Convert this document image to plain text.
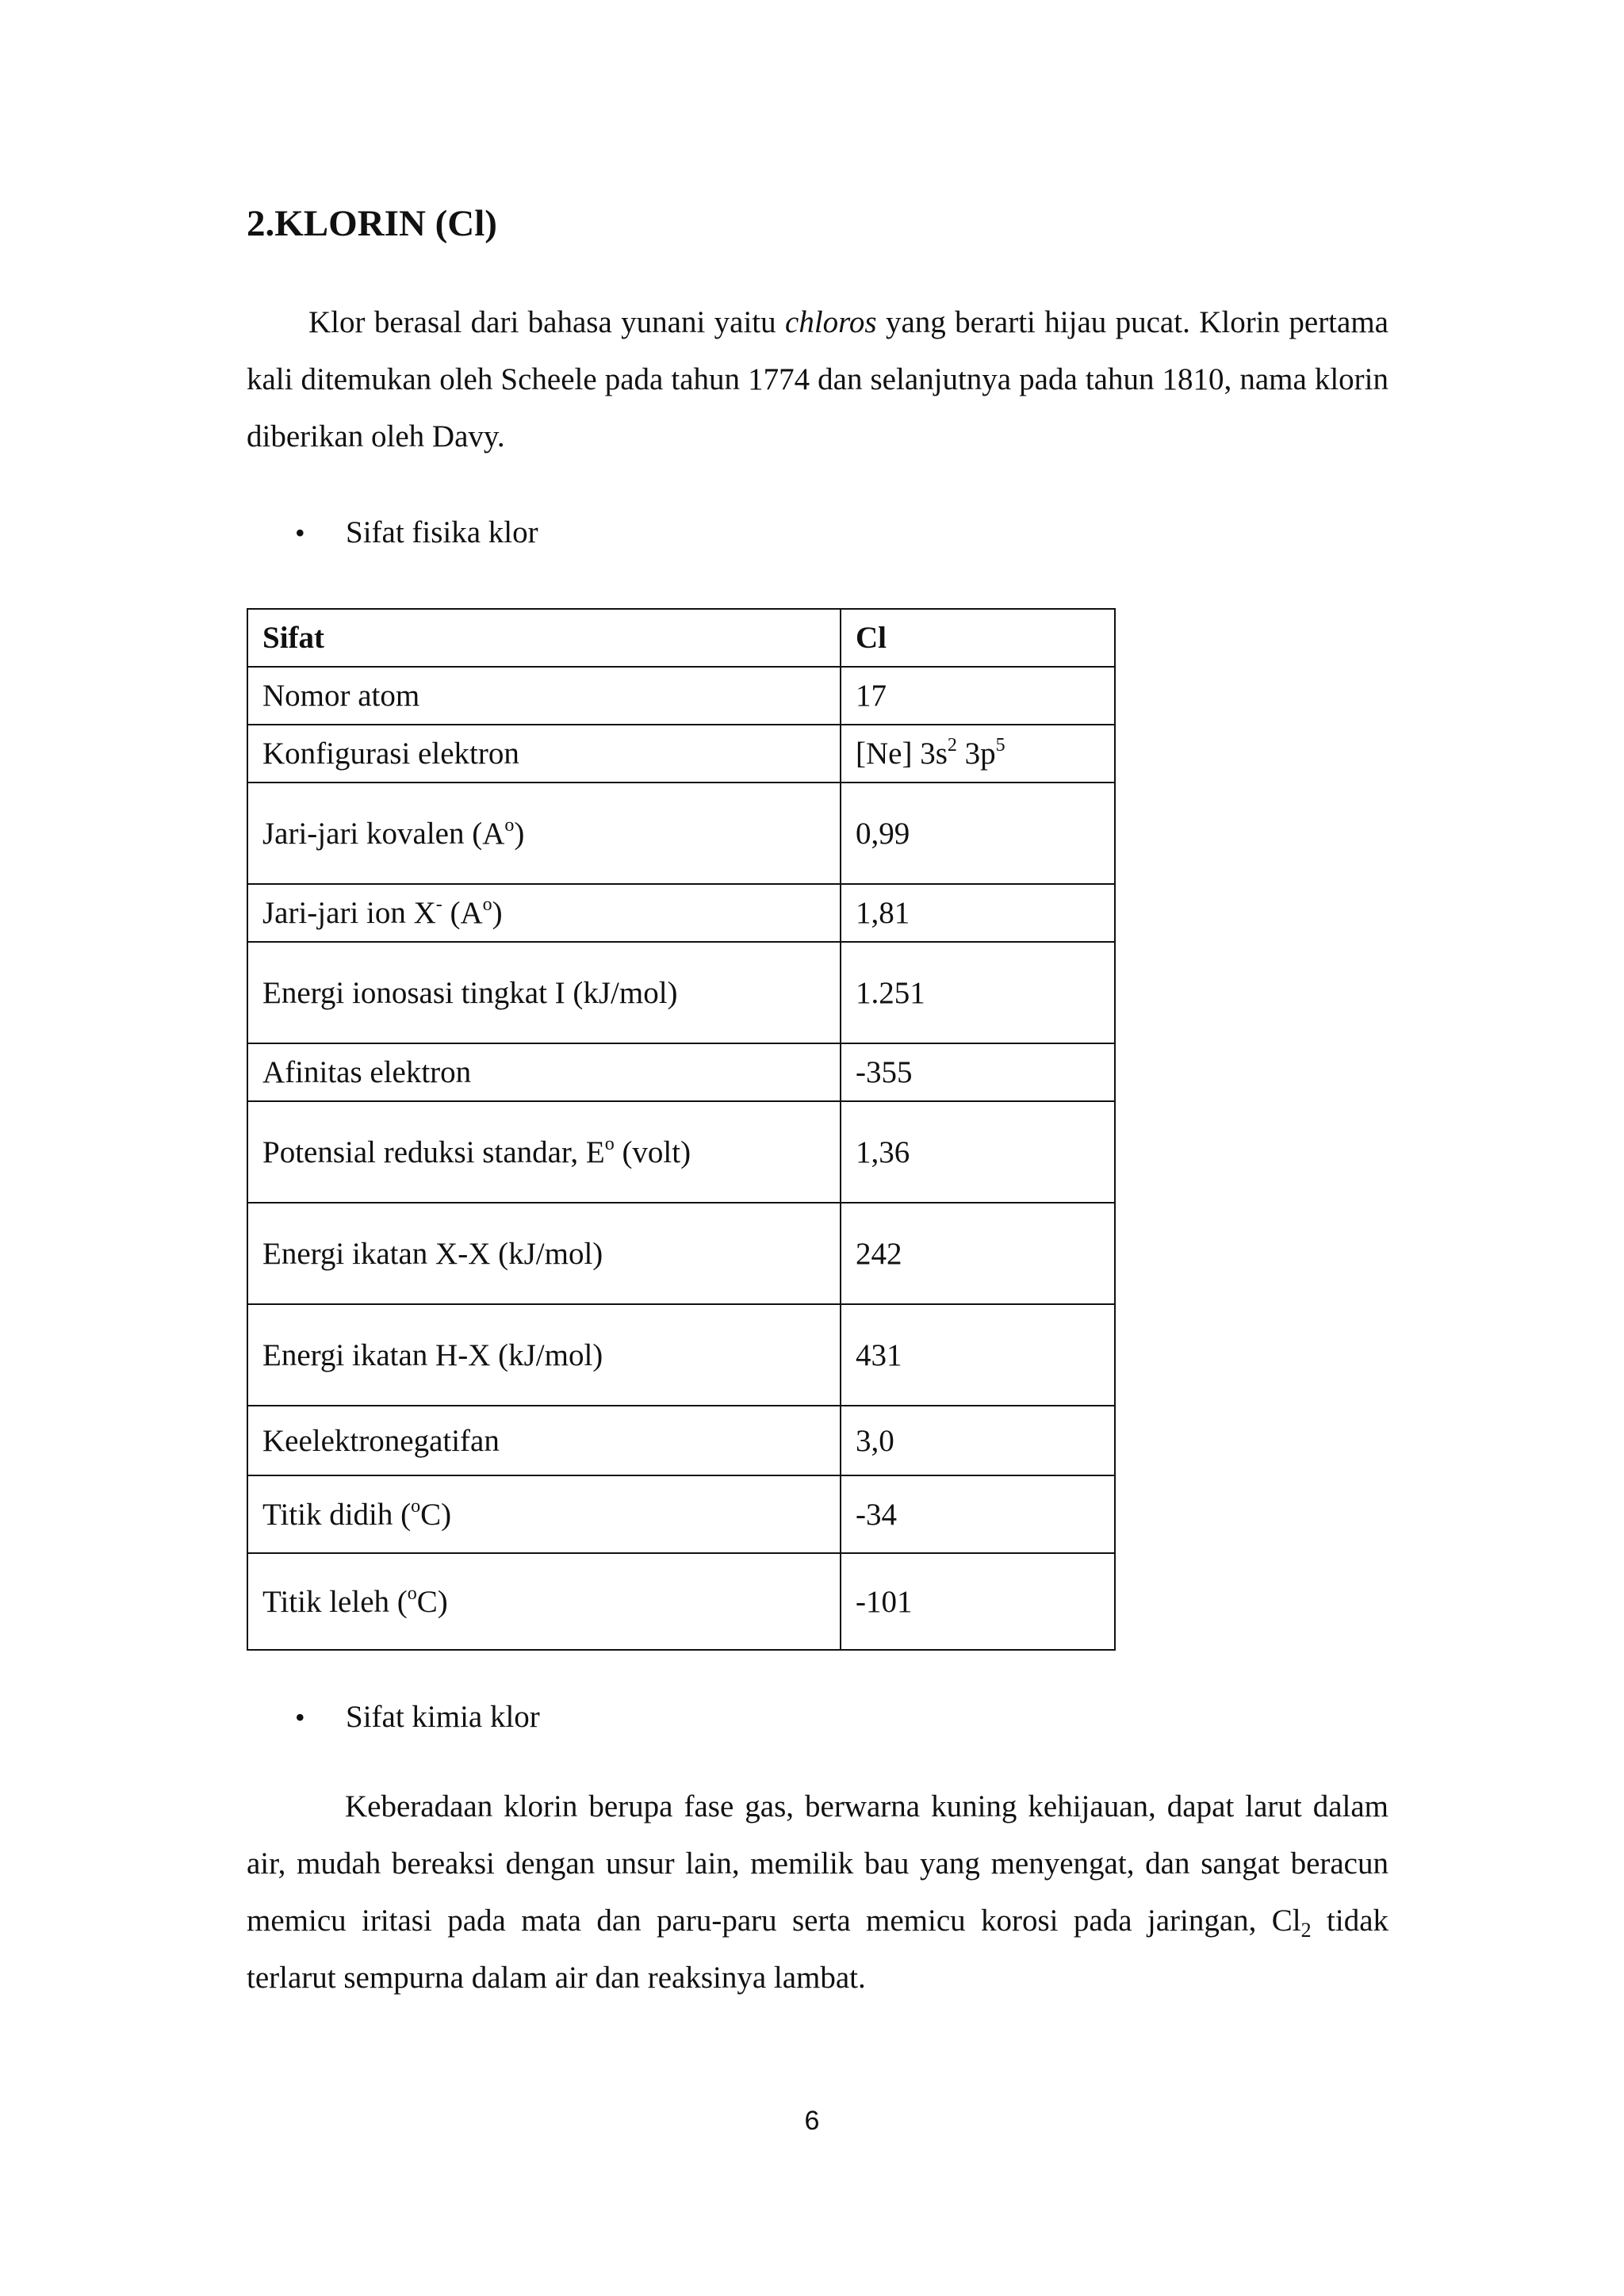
2.KLORIN (Cl)

Klor berasal dari bahasa yunani yaitu chloros yang berarti hijau pucat. Klorin pertama kali ditemukan oleh Scheele pada tahun 1774 dan selanjutnya pada tahun 1810, nama klorin diberikan oleh Davy.

• Sifat fisika klor
Sifat	Cl
Nomor atom	17
Konfigurasi elektron	[Ne] $3s^2$ $3p^5$
Jari-jari kovalen $(A^o)$	0,99
Jari-jari ion X- $(A^o)$	1,81
Energi ionosasi tingkat I (kJ/mol)	1.251
Afinitas elektron	-355
Potensial reduksi standar, $E^o$ (volt)	1,36
Energi ikatan X-X (kJ/mol)	242
Energi ikatan H-X (kJ/mol)	431
Keelektronegatifan	3,0
Titik didih ($^o$C)	-34
Titik leleh ($^o$C)	-101
• Sifat kimia klor

Keberadaan klorin berupa fase gas, berwarna kuning kehijauan, dapat larut dalam air, mudah bereaksi dengan unsur lain, memilik bau yang menyengat, dan sangat beracun memicu iritasi pada mata dan paru-paru serta memicu korosi pada jaringan, $Cl_2$ tidak terlarut sempurna dalam air dan reaksinya lambat.

6
